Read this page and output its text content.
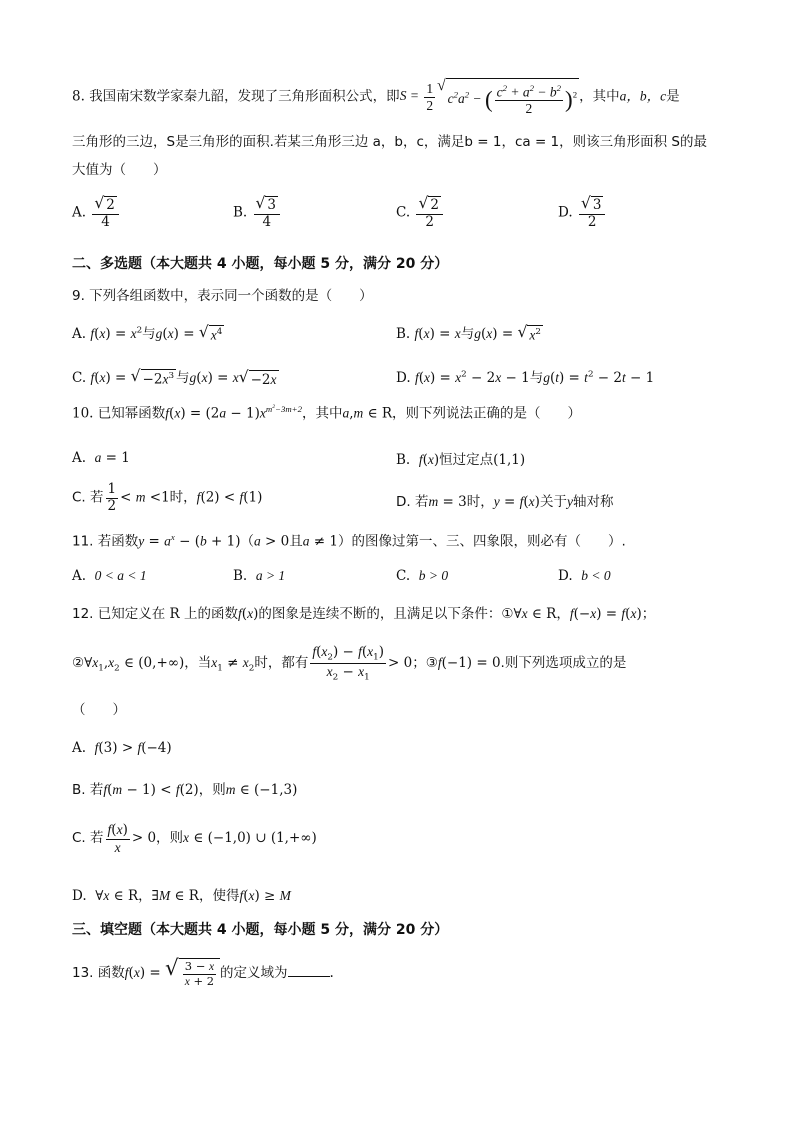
8. 我国南宋数学家秦九韶，发现了三角形面积公式，即$S = \frac{1}{2}$ √
$c^2a^2$ − ( $\frac{c^2 + a^2 - b^2}{2} )^2$ ，其中a，b，c是
三角形的三边，S是三角形的面积.若某三角形三边 a，b，c，满足b = 1，ca = 1，则该三角形面积 S的最
大值为（　　）
A. $\frac{√ 2}{4}$	B. $\frac{√ 3}{4}$	C. $\frac{√ 2}{2}$	D. $\frac{√ 3}{2}$
二、多选题（本大题共 4 小题，每小题 5 分，满分 20 分）
9. 下列各组函数中，表示同一个函数的是（　　）
A. $f(x) = x^2$与g(x) = √ $x^4$	B. f(x) = x与g(x) = √ $x^2$
C. f(x) = √ $-2x^3$ 与g(x) = x √ −2x	D. $f(x) = x^2 - 2x - 1$与$g(t) = t^2 - 2t - 1$
10. 已知幂函数$f(x) = (2a - 1)x^{m^2-3m+2}$，其中a,m ∈ R，则下列说法正确的是（　　）
A. a = 1	B. f(x)恒过定点(1,1)
C. 若 $\frac{1}{2} < m <1$时，f(2) < f(1)	D. 若m = 3时，y = f(x)关于y轴对称
11. 若函数$y = a^x - (b + 1)(a > 0$且a ≠ 1）的图像过第一、三、四象限，则必有（　　）.
A. 0 < a < 1	B. a > 1	C. b > 0	D. b < 0
12. 已知定义在 R 上的函数f(x)的图象是连续不断的，且满足以下条件：①∀x ∈ R，f(−x) = f(x)；
$②\forall x_1,x_2$ ∈ (0,+∞)，当$x_1 \ne x_2$时，都有 $\frac{f(x_2) - f(x_1)}{x_2 - x_1} > 0$；③f(−1) = 0.则下列选项成立的是
（　　）
A. f(3) > f(−4)
B. 若f(m − 1) < f(2)，则m ∈ (−1,3)
C. 若 $\frac{f(x)}{x} > 0$，则x ∈ (−1,0) ∪ (1,+∞)
D.  ∀x ∈ R，∃M ∈ R，使得f(x) ≥ M
三、填空题（本大题共 4 小题，每小题 5 分，满分 20 分）
13. 函数f(x) = √ $\frac{3 - x}{x + 2}$ 的定义域为	.
